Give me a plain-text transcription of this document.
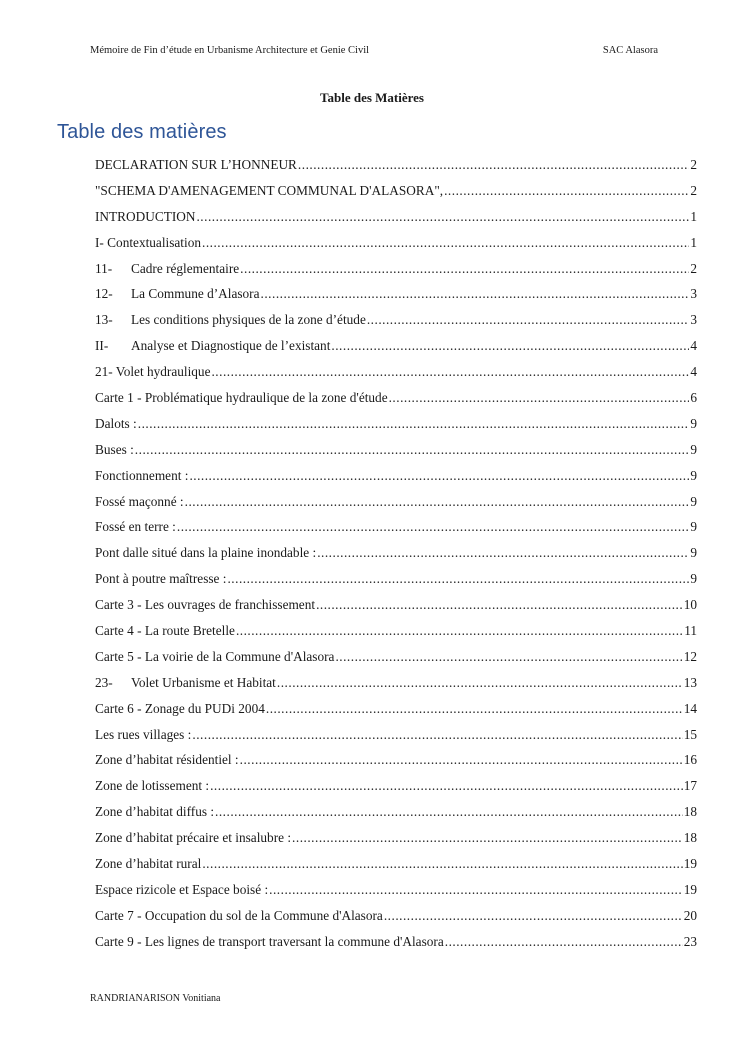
Mémoire de Fin d’étude en Urbanisme Architecture et Genie Civil	SAC Alasora
Table des Matières
Table des matières
DECLARATION SUR L’HONNEUR .....	2
"SCHEMA D'AMENAGEMENT COMMUNAL D'ALASORA", .....	2
INTRODUCTION .....	1
I- Contextualisation .....	1
11-	Cadre réglementaire .....	2
12-	La Commune d’Alasora .....	3
13-	Les conditions physiques de la zone d’étude .....	3
II-	Analyse et Diagnostique de l’existant .....	4
21- Volet hydraulique .....	4
Carte 1 - Problématique hydraulique de la zone d'étude .....	6
Dalots : .....	9
Buses : .....	9
Fonctionnement : .....	9
Fossé maçonné : .....	9
Fossé en terre : .....	9
Pont dalle situé dans la plaine inondable : .....	9
Pont à poutre maîtresse : .....	9
Carte 3 - Les ouvrages de franchissement .....	10
Carte 4 - La route Bretelle .....	11
Carte 5 - La voirie de la Commune d'Alasora .....	12
23-	Volet Urbanisme et Habitat .....	13
Carte 6 - Zonage du PUDi 2004 .....	14
Les rues villages : .....	15
Zone d’habitat résidentiel : .....	16
Zone de lotissement : .....	17
Zone d’habitat diffus : .....	18
Zone d’habitat précaire et insalubre : .....	18
Zone d’habitat rural .....	19
Espace rizicole et Espace boisé : .....	19
Carte 7 - Occupation du sol de la Commune d'Alasora .....	20
Carte 9 - Les lignes de transport traversant la commune d'Alasora .....	23
RANDRIANARISON Vonitiana
